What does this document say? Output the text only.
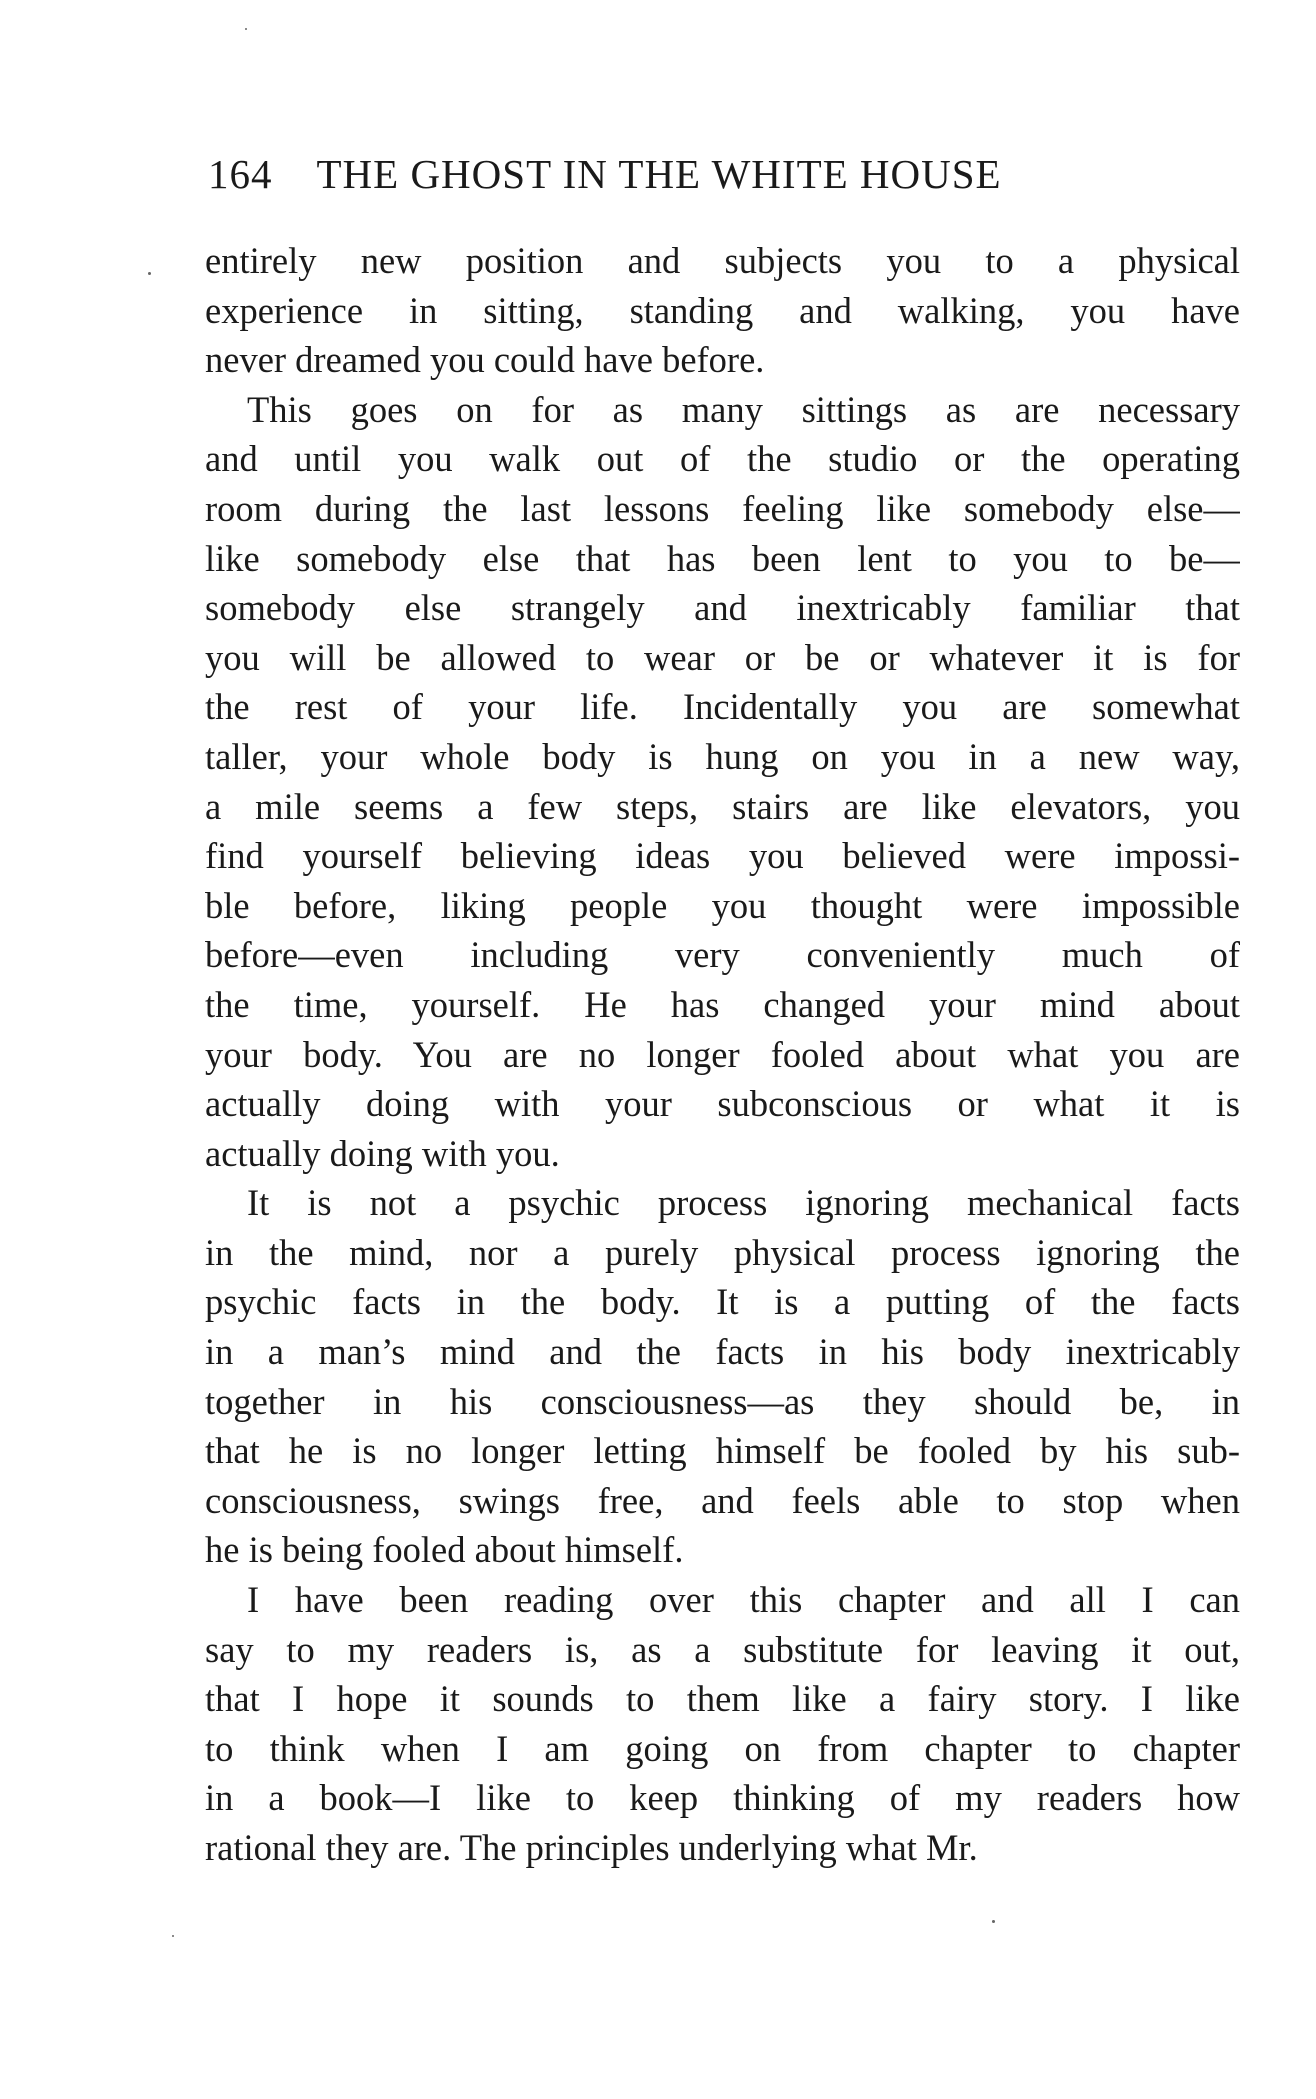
164 THE GHOST IN THE WHITE HOUSE
entirely new position and subjects you to a physical
experience in sitting, standing and walking, you have
never dreamed you could have before.
This goes on for as many sittings as are necessary
and until you walk out of the studio or the operating
room during the last lessons feeling like somebody else—
like somebody else that has been lent to you to be—
somebody else strangely and inextricably familiar that
you will be allowed to wear or be or whatever it is for
the rest of your life. Incidentally you are somewhat
taller, your whole body is hung on you in a new way,
a mile seems a few steps, stairs are like elevators, you
find yourself believing ideas you believed were impossi-
ble before, liking people you thought were impossible
before—even including very conveniently much of
the time, yourself. He has changed your mind about
your body. You are no longer fooled about what you are
actually doing with your subconscious or what it is
actually doing with you.
It is not a psychic process ignoring mechanical facts
in the mind, nor a purely physical process ignoring the
psychic facts in the body. It is a putting of the facts
in a man’s mind and the facts in his body inextricably
together in his consciousness—as they should be, in
that he is no longer letting himself be fooled by his sub-
consciousness, swings free, and feels able to stop when
he is being fooled about himself.
I have been reading over this chapter and all I can
say to my readers is, as a substitute for leaving it out,
that I hope it sounds to them like a fairy story. I like
to think when I am going on from chapter to chapter
in a book—I like to keep thinking of my readers how
rational they are. The principles underlying what Mr.
